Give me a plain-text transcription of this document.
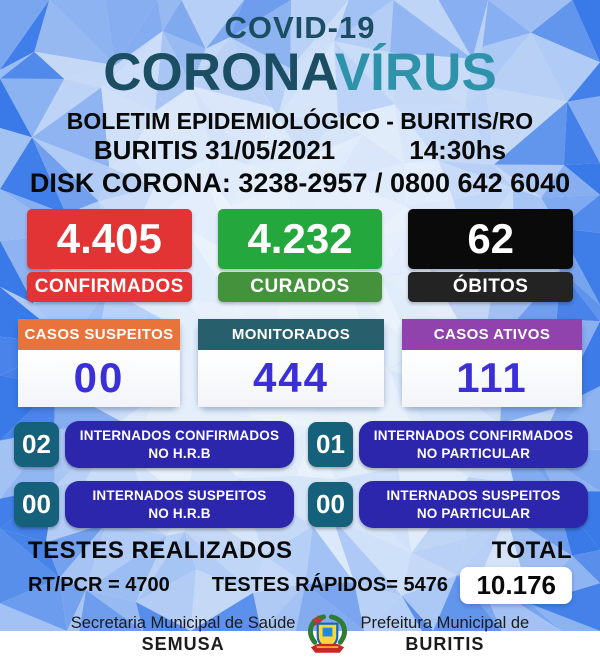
COVID-19
CORONAVÍRUS
BOLETIM EPIDEMIOLÓGICO - BURITIS/RO
BURITIS 31/05/2021	14:30hs
DISK CORONA: 3238-2957 / 0800 642 6040
4.405
CONFIRMADOS
4.232
CURADOS
62
ÓBITOS
CASOS SUSPEITOS
00
MONITORADOS
444
CASOS ATIVOS
111
02	INTERNADOS CONFIRMADOS
NO H.R.B	01	INTERNADOS CONFIRMADOS
NO PARTICULAR
00	INTERNADOS SUSPEITOS
NO H.R.B	00	INTERNADOS SUSPEITOS
NO PARTICULAR
TESTES REALIZADOS	TOTAL
RT/PCR = 4700 TESTES RÁPIDOS= 5476	10.176
Secretaria Municipal de Saúde
SEMUSA
Prefeitura Municipal de
BURITIS
